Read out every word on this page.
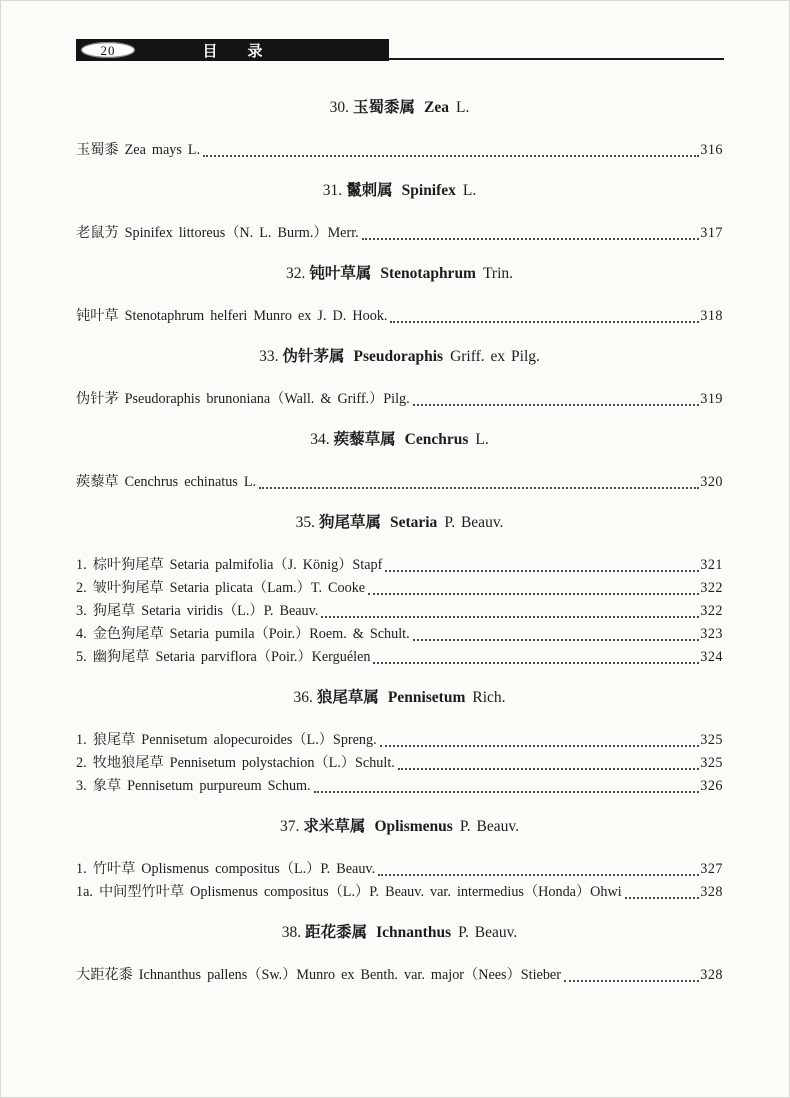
20	目　　录
30. 玉蜀黍属 Zea L.
玉蜀黍 Zea mays L.	316
31. 鬣刺属 Spinifex L.
老鼠艻 Spinifex littoreus（N. L. Burm.）Merr.	317
32. 钝叶草属 Stenotaphrum Trin.
钝叶草 Stenotaphrum helferi Munro ex J. D. Hook.	318
33. 伪针茅属 Pseudoraphis Griff. ex Pilg.
伪针茅 Pseudoraphis brunoniana（Wall. & Griff.）Pilg.	319
34. 蒺藜草属 Cenchrus L.
蒺藜草 Cenchrus echinatus L.	320
35. 狗尾草属 Setaria P. Beauv.
1. 棕叶狗尾草 Setaria palmifolia（J. König）Stapf	321
2. 皱叶狗尾草 Setaria plicata（Lam.）T. Cooke	322
3. 狗尾草 Setaria viridis（L.）P. Beauv.	322
4. 金色狗尾草 Setaria pumila（Poir.）Roem. & Schult.	323
5. 幽狗尾草 Setaria parviflora（Poir.）Kerguélen	324
36. 狼尾草属 Pennisetum Rich.
1. 狼尾草 Pennisetum alopecuroides（L.）Spreng.	325
2. 牧地狼尾草 Pennisetum polystachion（L.）Schult.	325
3. 象草 Pennisetum purpureum Schum.	326
37. 求米草属 Oplismenus P. Beauv.
1. 竹叶草 Oplismenus compositus（L.）P. Beauv.	327
1a. 中间型竹叶草 Oplismenus compositus（L.）P. Beauv. var. intermedius（Honda）Ohwi	328
38. 距花黍属 Ichnanthus P. Beauv.
大距花黍 Ichnanthus pallens（Sw.）Munro ex Benth. var. major（Nees）Stieber	328
